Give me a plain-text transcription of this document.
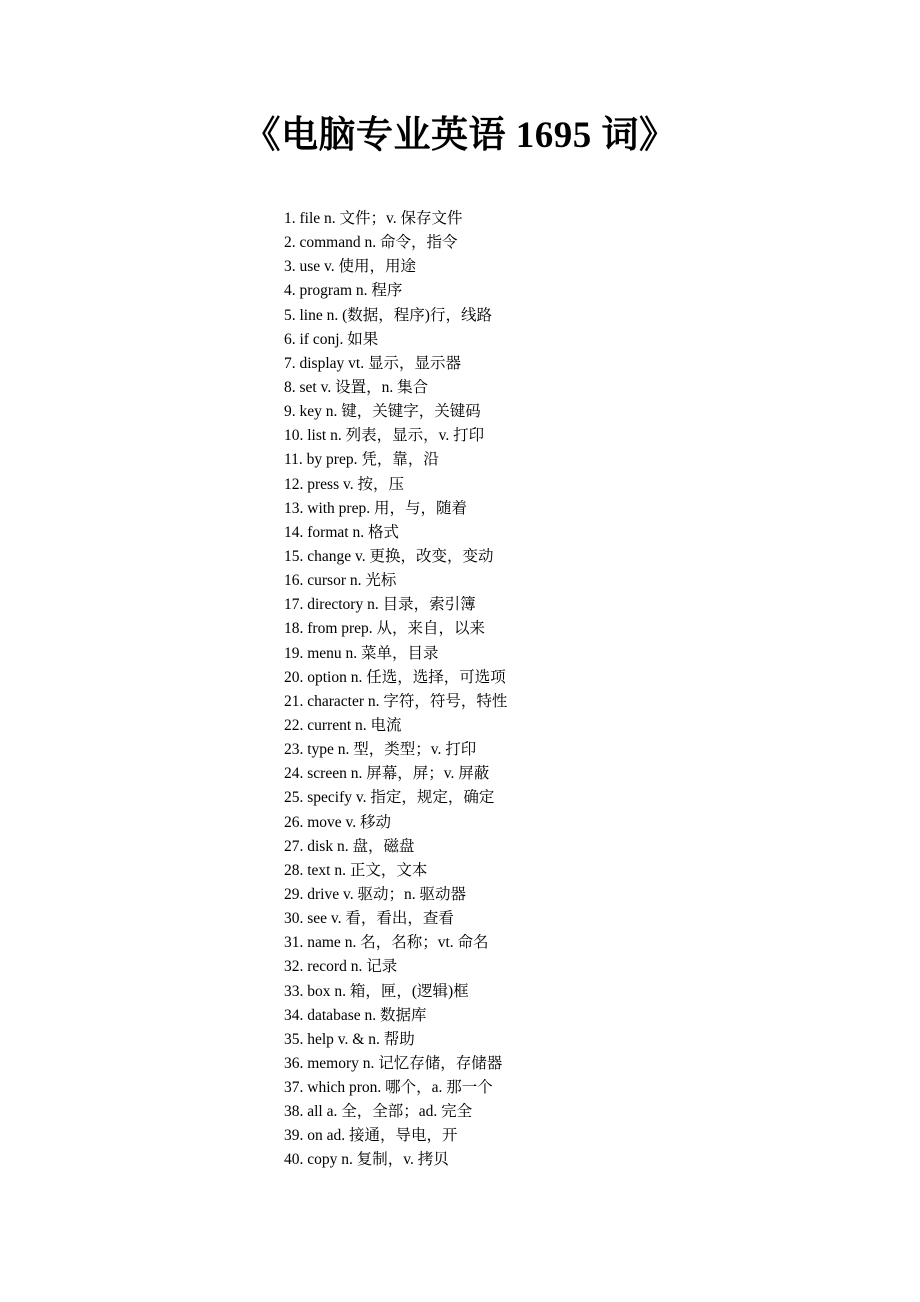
《电脑专业英语 1695 词》
1. file n. 文件；v. 保存文件
2. command n. 命令，指令
3. use v. 使用，用途
4. program n. 程序
5. line n. (数据，程序)行，线路
6. if conj. 如果
7. display vt. 显示，显示器
8. set v. 设置，n. 集合
9. key n. 键，关键字，关键码
10. list n. 列表，显示，v. 打印
11. by prep. 凭，靠，沿
12. press v. 按，压
13. with prep. 用，与，随着
14. format n. 格式
15. change v. 更换，改变，变动
16. cursor n. 光标
17. directory n. 目录，索引簿
18. from prep. 从，来自，以来
19. menu n. 菜单，目录
20. option n. 任选，选择，可选项
21. character n. 字符，符号，特性
22. current n. 电流
23. type n. 型，类型；v. 打印
24. screen n. 屏幕，屏；v. 屏蔽
25. specify v. 指定，规定，确定
26. move v. 移动
27. disk n. 盘，磁盘
28. text n. 正文，文本
29. drive v. 驱动；n. 驱动器
30. see v. 看，看出，查看
31. name n. 名，名称；vt. 命名
32. record n. 记录
33. box n. 箱，匣，(逻辑)框
34. database n. 数据库
35. help v. & n. 帮助
36. memory n. 记忆存储，存储器
37. which pron. 哪个，a. 那一个
38. all a. 全，全部；ad. 完全
39. on ad. 接通，导电，开
40. copy n. 复制，v. 拷贝
